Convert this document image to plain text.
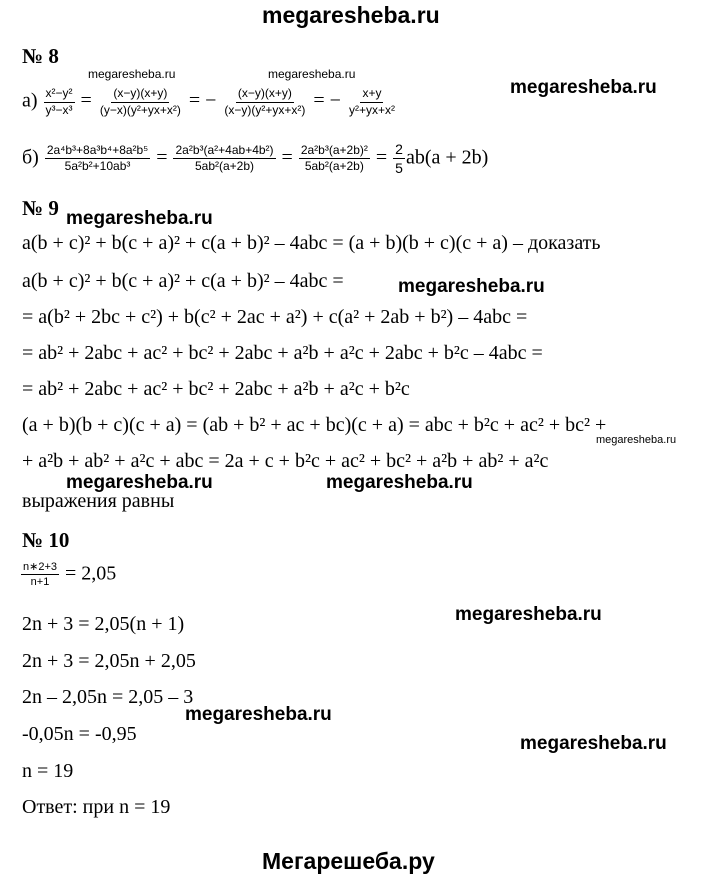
megaresheba.ru
№ 8
megaresheba.ru	megaresheba.ru
$а) \frac{\text{x²−y²}}{\text{y³−x³}} = \frac{(x-y)(x+y)}{\text{(y−x)(y²+yx+x²)}}$ = − $\frac{(x-y)(x+y)}{\text{(x−y)(y²+yx+x²)}}$ = − $\frac{x+y}{\text{y²+yx+x²}}$	megaresheba.ru
$б) \frac{\text{2a⁴b³+8a³b⁴+8a²b⁵}}{\text{5a²b²+10ab³}} = \frac{\text{2a²b³(a²+4ab+4b²)}}{\text{5ab²(a+2b)}} = \frac{\text{2a²b³(a+2b)²}}{\text{5ab²(a+2b)}} = \frac{2}{5} ab(a + 2b)$
№ 9 megaresheba.ru
a(b + c)² + b(c + a)² + c(a + b)² – 4abc = (a + b)(b + c)(c + a) – доказать
a(b + c)² + b(c + a)² + c(a + b)² – 4abc =	megaresheba.ru
= a(b² + 2bc + c²) + b(c² + 2ac + a²) + c(a² + 2ab + b²) – 4abc =
= ab² + 2abc + ac² + bc² + 2abc + a²b + a²c + 2abc + b²c – 4abc =
= ab² + 2abc + ac² + bc² + 2abc + a²b + a²c + b²c
(a + b)(b + c)(c + a) = (ab + b² + ac + bc)(c + a) = abc + b²c + ac² + bc² +
megaresheba.ru
+ a²b + ab² + a²c + abc = 2a + c + b²c + ac² + bc² + a²b + ab² + a²c
megaresheba.ru	megaresheba.ru
выражения равны
№ 10
$\frac{n∗2+3}{n+1} = 2,05$
megaresheba.ru
2n + 3 = 2,05(n + 1)
2n + 3 = 2,05n + 2,05
2n – 2,05n = 2,05 – 3
megaresheba.ru
-0,05n = -0,95	megaresheba.ru
n = 19
Ответ: при n = 19
Мегарешеба.ру
